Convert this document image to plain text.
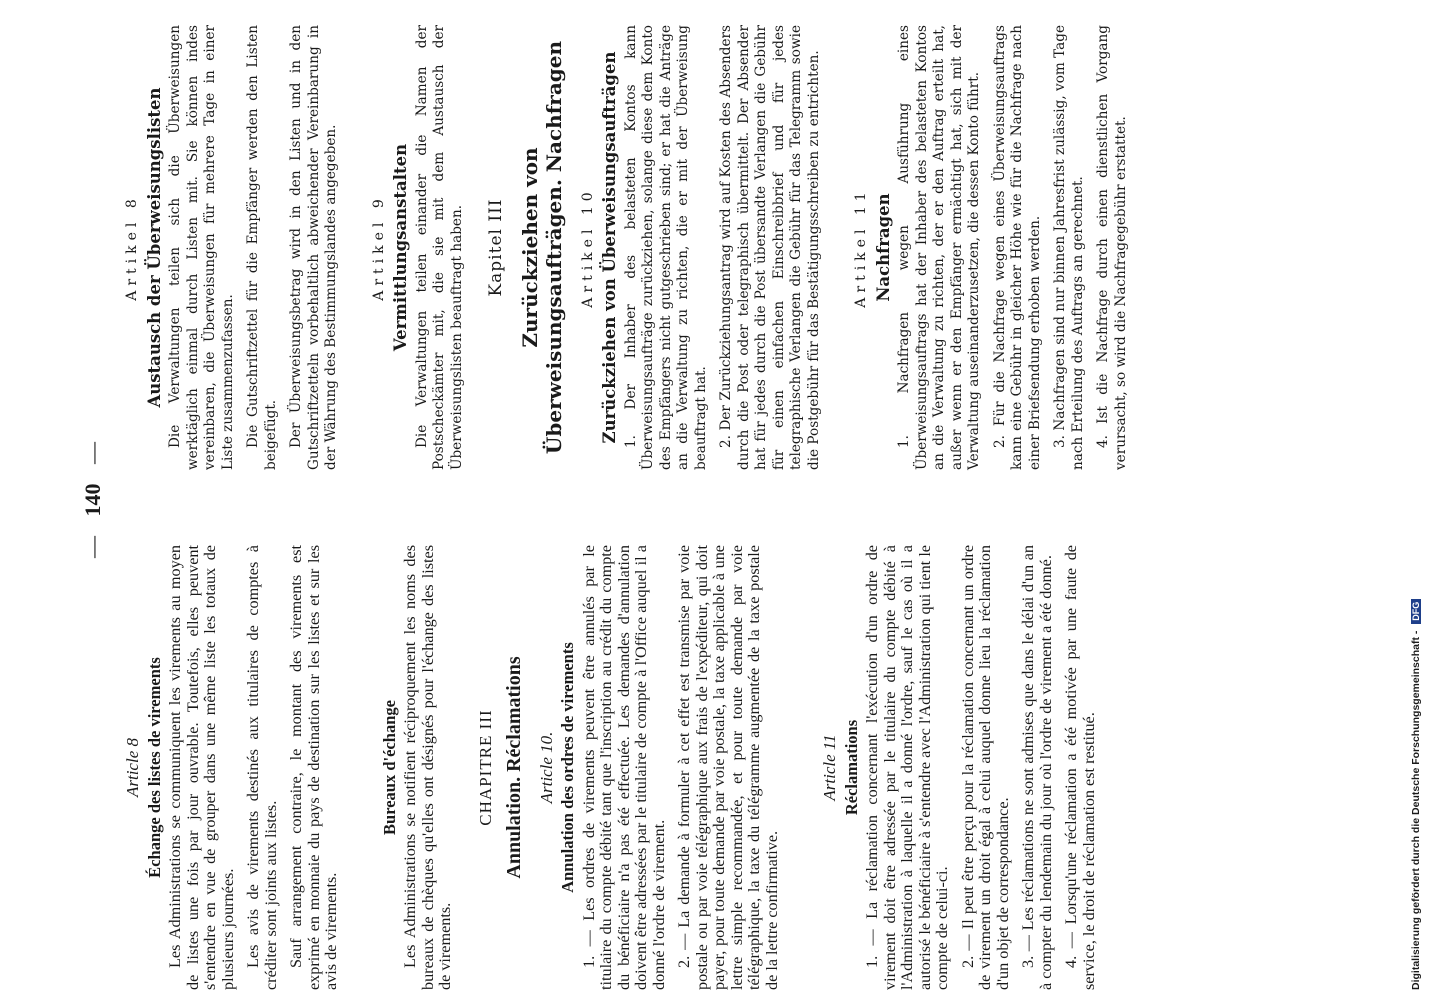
— 140 —
Article 8 Échange des listes de virements Les Administrations se communiquent les virements au moyen de listes une fois par jour ouvrable. Toutefois, elles peuvent s'entendre en vue de grouper dans une même liste les totaux de plusieurs journées. Les avis de virements destinés aux titulaires de comptes à créditer sont joints aux listes. Sauf arrangement contraire, le montant des virements est exprimé en monnaie du pays de destination sur les listes et sur les avis de virements.

Bureaux d'échange Les Administrations se notifient réciproquement les noms des bureaux de chèques qu'elles ont désignés pour l'échange des listes de virements.

CHAPITRE III Annulation. Réclamations Article 10. Annulation des ordres de virements 1. — Les ordres de virements peuvent être annulés par le titulaire du compte débité tant que l'inscription au crédit du compte du bénéficiaire n'a pas été effectuée. Les demandes d'annulation doivent être adressées par le titulaire de compte à l'Office auquel il a donné l'ordre de virement. 2. — La demande à formuler à cet effet est transmise par voie postale ou par voie télégraphique aux frais de l'expéditeur, qui doit payer, pour toute demande par voie postale, la taxe applicable à une lettre simple recommandée, et pour toute demande par voie télégraphique, la taxe du télégramme augmentée de la taxe postale de la lettre confirmative.

Article 11 Réclamations 1. — La réclamation concernant l'exécution d'un ordre de virement doit être adressée par le titulaire du compte débité à l'Administration à laquelle il a donné l'ordre, sauf le cas où il a autorisé le bénéficiaire à s'entendre avec l'Administration qui tient le compte de celui-ci. 2. — Il peut être perçu pour la réclamation concernant un ordre de virement un droit égal à celui auquel donne lieu la réclamation d'un objet de correspondance. 3. — Les réclamations ne sont admises que dans le délai d'un an à compter du lendemain du jour où l'ordre de virement a été donné. 4. — Lorsqu'une réclamation a été motivée par une faute de service, le droit de réclamation est restitué.

Artikel 8 Austausch der Überweisungslisten Die Verwaltungen teilen sich die Überweisungen werktäglich einmal durch Listen mit. Sie können indes vereinbaren, die Überweisungen für mehrere Tage in einer Liste zusammenzufassen. Die Gutschriftzettel für die Empfänger werden den Listen beigefügt. Der Überweisungsbetrag wird in den Listen und in den Gutschriftzetteln vorbehaltlich abweichender Vereinbarung in der Währung des Bestimmungslandes angegeben. Artikel 9 Vermittlungsanstalten Die Verwaltungen teilen einander die Namen der Postscheckämter mit, die sie mit dem Austausch der Überweisungslisten beauftragt haben. Kapitel III Zurückziehen von Überweisungsaufträgen. Nachfragen Artikel 10 Zurückziehen von Überweisungsaufträgen 1. Der Inhaber des belasteten Kontos kann Überweisungsaufträge zurückziehen, solange diese dem Konto des Empfängers nicht gutgeschrieben sind; er hat die Anträge an die Verwaltung zu richten, die er mit der Überweisung beauftragt hat. 2. Der Zurückziehungsantrag wird auf Kosten des Absenders durch die Post oder telegraphisch übermittelt. Der Absender hat für jedes durch die Post übersandte Verlangen die Gebühr für einen einfachen Einschreibbrief und für jedes telegraphische Verlangen die Gebühr für das Telegramm sowie die Postgebühr für das Bestätigungsschreiben zu entrichten. Artikel 11 Nachfragen 1. Nachfragen wegen Ausführung eines Überweisungsauftrags hat der Inhaber des belasteten Kontos an die Verwaltung zu richten, der er den Auftrag erteilt hat, außer wenn er den Empfänger ermächtigt hat, sich mit der Verwaltung auseinanderzusetzen, die dessen Konto führt. 2. Für die Nachfrage wegen eines Überweisungsauftrags kann eine Gebühr in gleicher Höhe wie für die Nachfrage nach einer Briefsendung erhoben werden. 3. Nachfragen sind nur binnen Jahresfrist zulässig, vom Tage nach Erteilung des Auftrags an gerechnet. 4. Ist die Nachfrage durch einen dienstlichen Vorgang verursacht, so wird die Nachfragegebühr erstattet.

Digitalisierung gefördert durch die Deutsche Forschungsgemeinschaft - DFG
